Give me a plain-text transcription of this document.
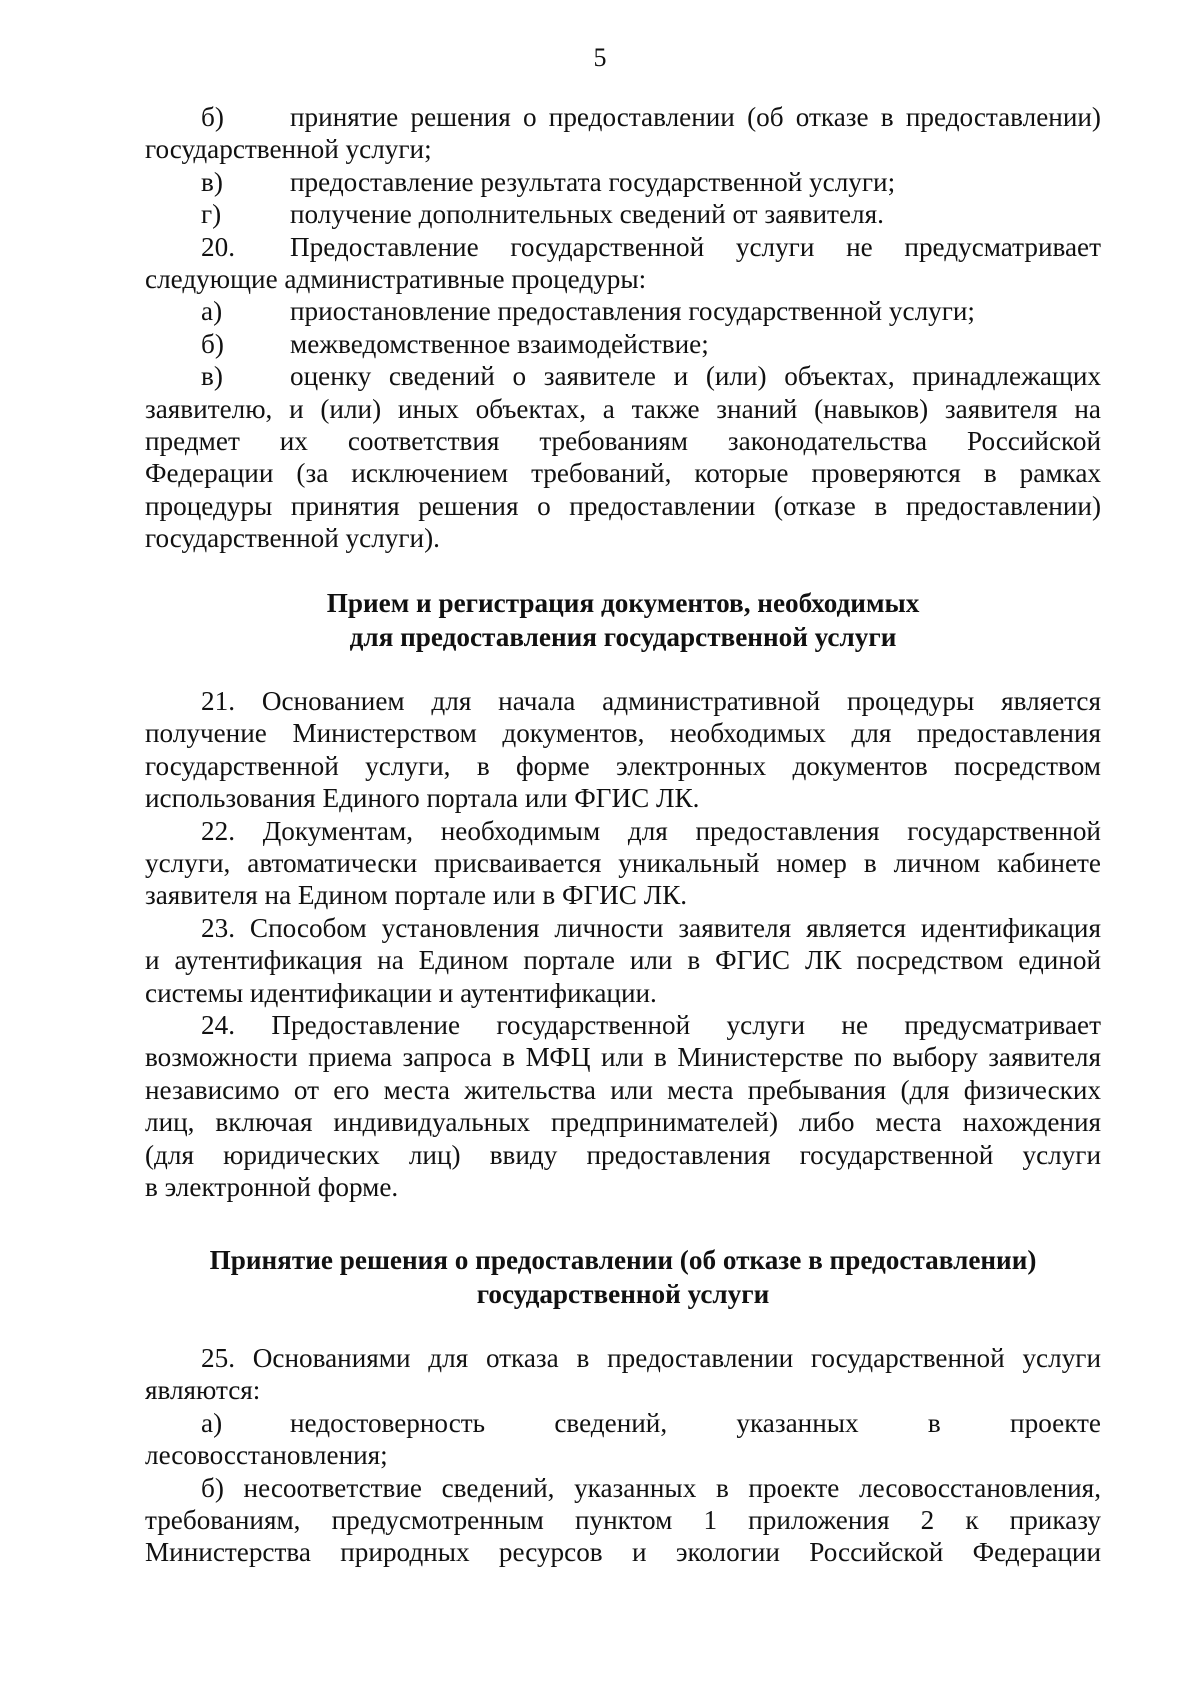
5
б)	принятие решения о предоставлении (об отказе в предоставлении)
государственной услуги;
в)	предоставление результата государственной услуги;
г)	получение дополнительных сведений от заявителя.
20.	Предоставление государственной услуги не предусматривает
следующие административные процедуры:
а)	приостановление предоставления государственной услуги;
б)	межведомственное взаимодействие;
в)	оценку сведений о заявителе и (или) объектах, принадлежащих
заявителю, и (или) иных объектах, а также знаний (навыков) заявителя на
предмет их соответствия требованиям законодательства Российской
Федерации (за исключением требований, которые проверяются в рамках
процедуры принятия решения о предоставлении (отказе в предоставлении)
государственной услуги).
Прием и регистрация документов, необходимых
для предоставления государственной услуги
21. Основанием для начала административной процедуры является
получение Министерством документов, необходимых для предоставления
государственной услуги, в форме электронных документов посредством
использования Единого портала или ФГИС ЛК.
22. Документам, необходимым для предоставления государственной
услуги, автоматически присваивается уникальный номер в личном кабинете
заявителя на Едином портале или в ФГИС ЛК.
23. Способом установления личности заявителя является идентификация
и аутентификация на Едином портале или в ФГИС ЛК посредством единой
системы идентификации и аутентификации.
24. Предоставление государственной услуги не предусматривает
возможности приема запроса в МФЦ или в Министерстве по выбору заявителя
независимо от его места жительства или места пребывания (для физических
лиц, включая индивидуальных предпринимателей) либо места нахождения
(для юридических лиц) ввиду предоставления государственной услуги
в электронной форме.
Принятие решения о предоставлении (об отказе в предоставлении)
государственной услуги
25. Основаниями для отказа в предоставлении государственной услуги
являются:
а)	недостоверность сведений, указанных в проекте
лесовосстановления;
б) несоответствие сведений, указанных в проекте лесовосстановления,
требованиям, предусмотренным пунктом 1 приложения 2 к приказу
Министерства природных ресурсов и экологии Российской Федерации
